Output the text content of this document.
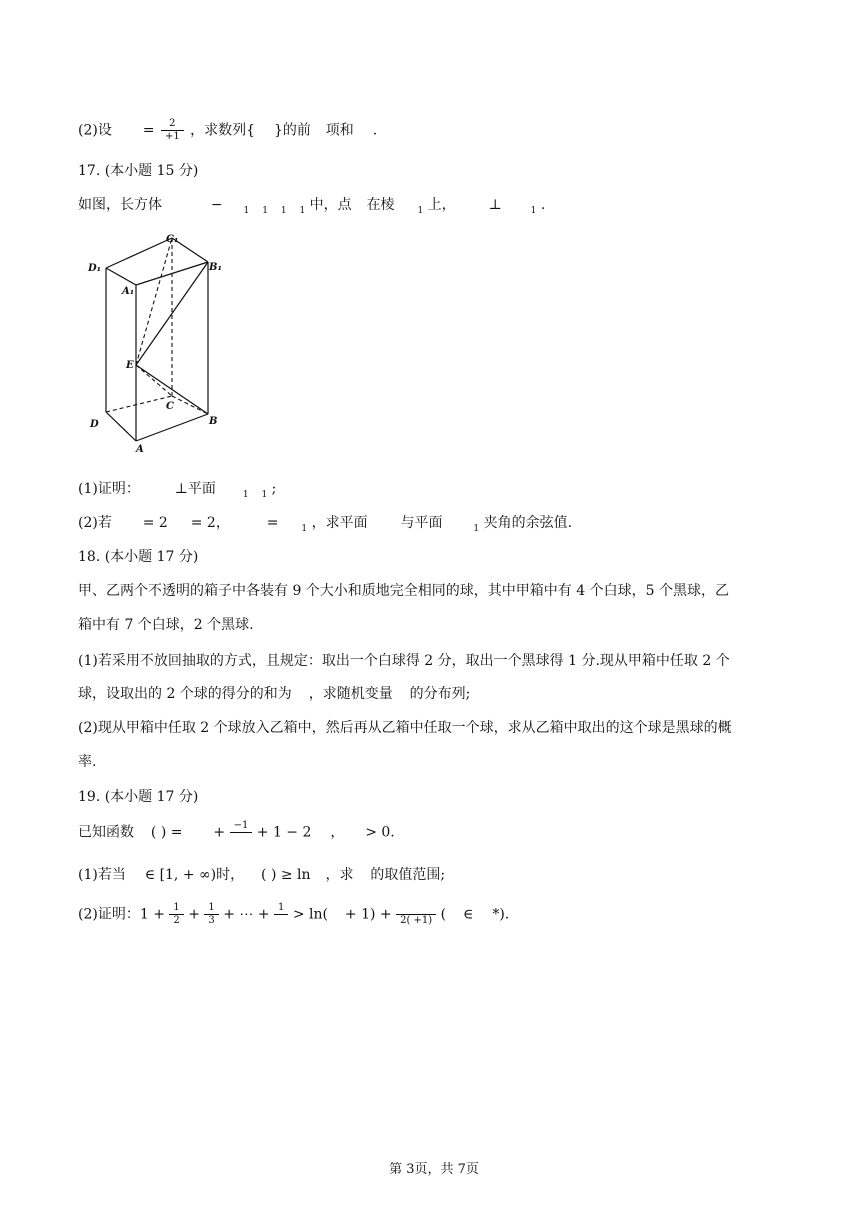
(2)设 = $\frac{2}{+1}$ ，求数列{ }的前 项和 .
17. (本小题 15 分)
如图，长方体	− $_1$ $_1$ $_1$ $_1$ 中，点 在棱	$_1$ 上， ⊥	$_1$ .
C₁
D₁	B₁
A₁
E
C
D	B
A
(1)证明： ⊥平面	$_1$ $_1$ ;
(2)若 = 2 = 2，	=	$_1$ ，求平面 与平面	$_1$ 夹角的余弦值.
18. (本小题 17 分)
甲、乙两个不透明的箱子中各装有 9 个大小和质地完全相同的球，其中甲箱中有 4 个白球，5 个黑球，乙
箱中有 7 个白球，2 个黑球.
(1)若采用不放回抽取的方式，且规定：取出一个白球得 2 分，取出一个黑球得 1 分.现从甲箱中任取 2 个
球，设取出的 2 个球的得分的和为 ，求随机变量 的分布列;
(2)现从甲箱中任取 2 个球放入乙箱中，然后再从乙箱中任取一个球，求从乙箱中取出的这个球是黑球的概
率.
19. (本小题 17 分)
已知函数 ( ) = + −1
+ 1 − 2 ， > 0.
(1)若当 ∈ [1, + ∞)时， ( ) ≥ ln ，求 的取值范围;
(2)证明：$1 + \frac{1}{2} + \frac{1}{3}$ + ⋯ + 1
> ln( + 1) +
2( +1) ( ∈ *).
第 3页，共 7页
